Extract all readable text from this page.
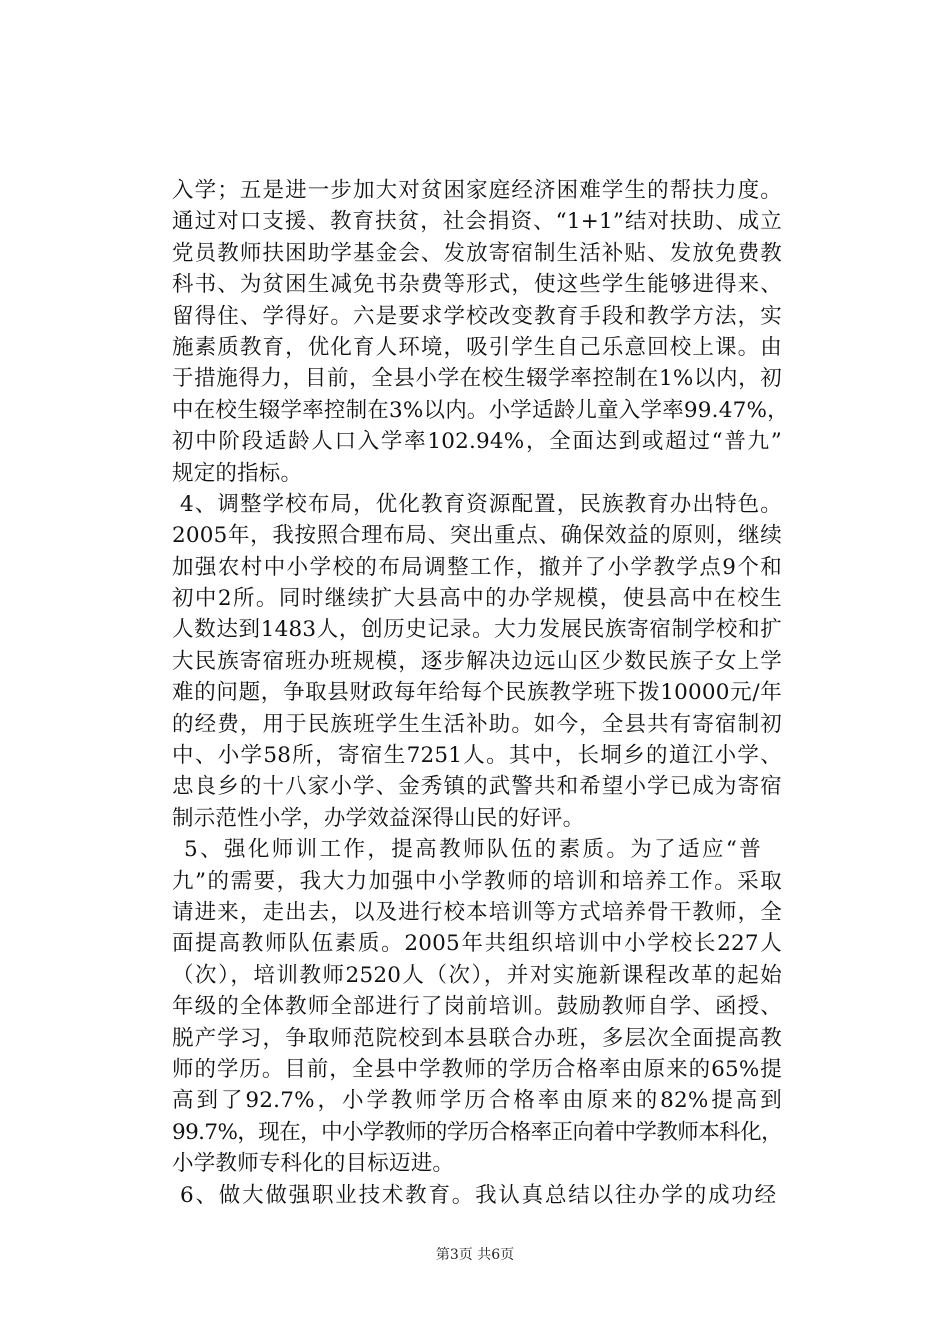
入学；五是进一步加大对贫困家庭经济困难学生的帮扶力度。
通过对口支援、教育扶贫，社会捐资、“1+1”结对扶助、成立
党员教师扶困助学基金会、发放寄宿制生活补贴、发放免费教
科书、为贫困生减免书杂费等形式，使这些学生能够进得来、
留得住、学得好。六是要求学校改变教育手段和教学方法，实
施素质教育，优化育人环境，吸引学生自己乐意回校上课。由
于措施得力，目前，全县小学在校生辍学率控制在1%以内，初
中在校生辍学率控制在3%以内。小学适龄儿童入学率99.47%，
初中阶段适龄人口入学率102.94%，全面达到或超过“普九”
规定的指标。
4、调整学校布局，优化教育资源配置，民族教育办出特色。
2005年，我按照合理布局、突出重点、确保效益的原则，继续
加强农村中小学校的布局调整工作，撤并了小学教学点9个和
初中2所。同时继续扩大县高中的办学规模，使县高中在校生
人数达到1483人，创历史记录。大力发展民族寄宿制学校和扩
大民族寄宿班办班规模，逐步解决边远山区少数民族子女上学
难的问题，争取县财政每年给每个民族教学班下拨10000元/年
的经费，用于民族班学生生活补助。如今，全县共有寄宿制初
中、小学58所，寄宿生7251人。其中，长垌乡的道江小学、
忠良乡的十八家小学、金秀镇的武警共和希望小学已成为寄宿
制示范性小学，办学效益深得山民的好评。
5、强化师训工作，提高教师队伍的素质。为了适应“普
九”的需要，我大力加强中小学教师的培训和培养工作。采取
请进来，走出去，以及进行校本培训等方式培养骨干教师，全
面提高教师队伍素质。2005年共组织培训中小学校长227人
（次），培训教师2520人（次），并对实施新课程改革的起始
年级的全体教师全部进行了岗前培训。鼓励教师自学、函授、
脱产学习，争取师范院校到本县联合办班，多层次全面提高教
师的学历。目前，全县中学教师的学历合格率由原来的65%提
高到了92.7%，小学教师学历合格率由原来的82%提高到
99.7%，现在，中小学教师的学历合格率正向着中学教师本科化，
小学教师专科化的目标迈进。
6、做大做强职业技术教育。我认真总结以往办学的成功经
第3页 共6页
